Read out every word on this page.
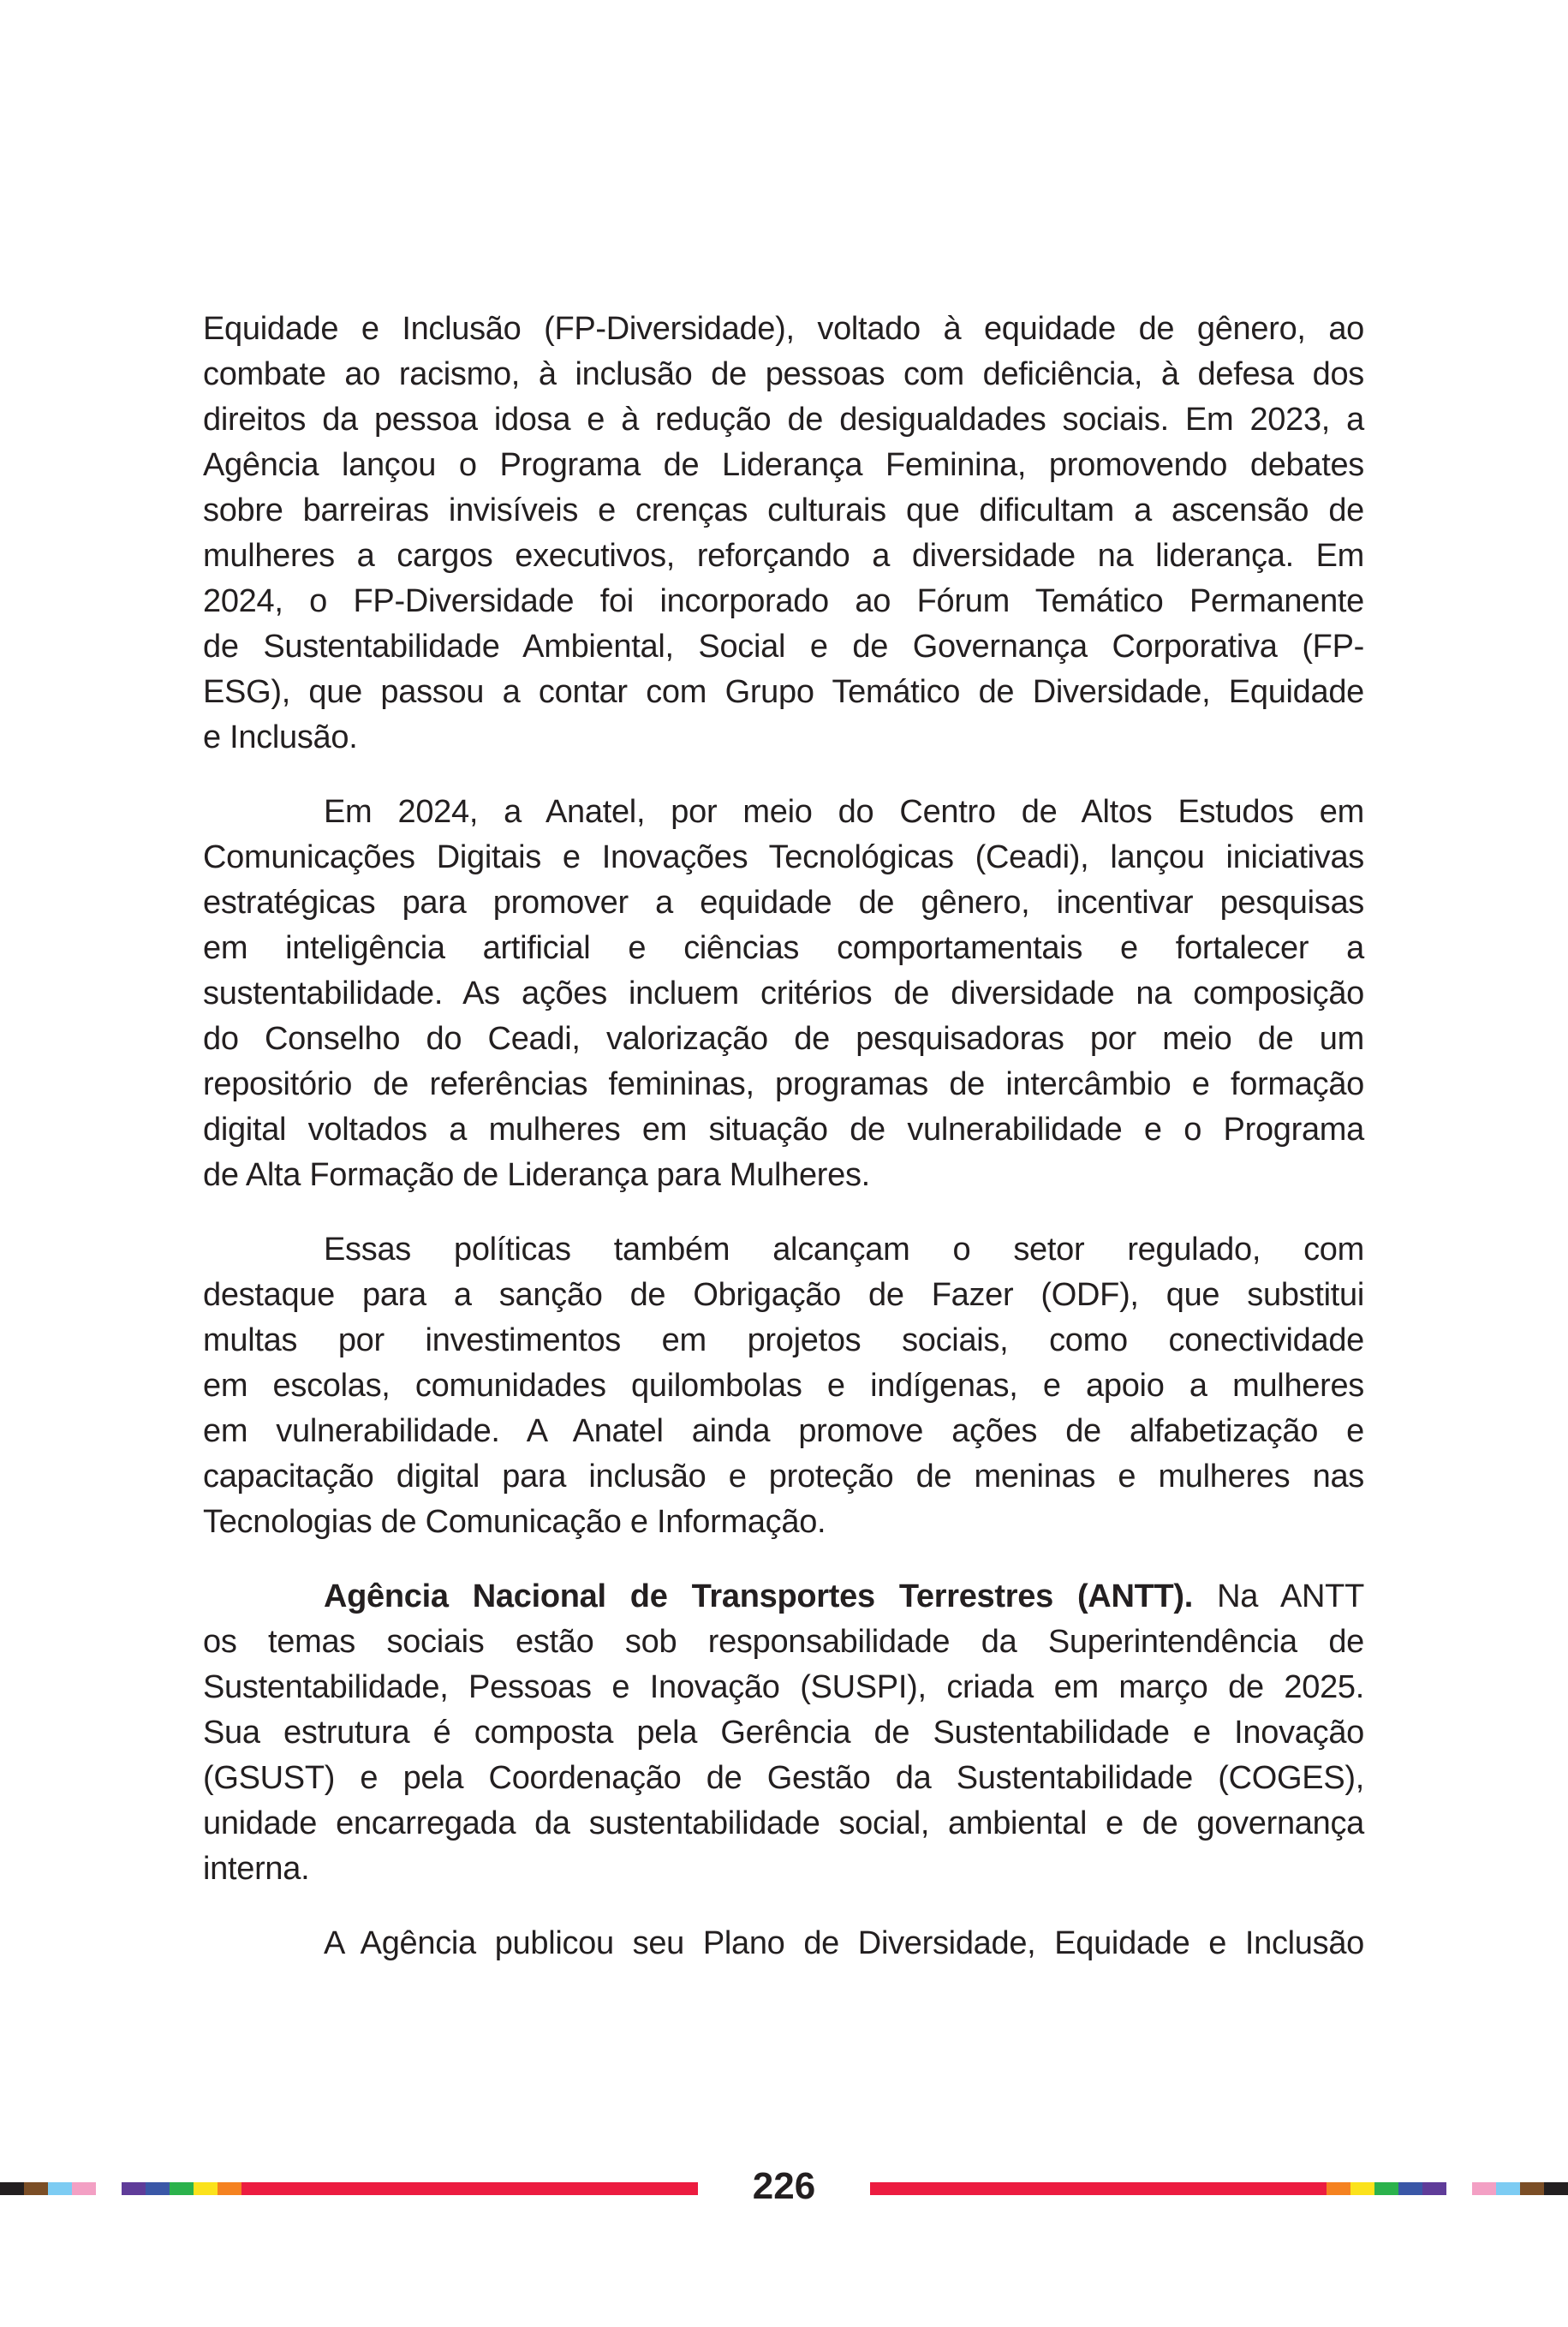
Equidade e Inclusão (FP-Diversidade), voltado à equidade de gênero, ao
combate ao racismo, à inclusão de pessoas com deficiência, à defesa dos
direitos da pessoa idosa e à redução de desigualdades sociais. Em 2023, a
Agência lançou o Programa de Liderança Feminina, promovendo debates
sobre barreiras invisíveis e crenças culturais que dificultam a ascensão de
mulheres a cargos executivos, reforçando a diversidade na liderança. Em
2024, o FP-Diversidade foi incorporado ao Fórum Temático Permanente
de Sustentabilidade Ambiental, Social e de Governança Corporativa (FP-
ESG), que passou a contar com Grupo Temático de Diversidade, Equidade
e Inclusão.
Em 2024, a Anatel, por meio do Centro de Altos Estudos em
Comunicações Digitais e Inovações Tecnológicas (Ceadi), lançou iniciativas
estratégicas para promover a equidade de gênero, incentivar pesquisas
em inteligência artificial e ciências comportamentais e fortalecer a
sustentabilidade. As ações incluem critérios de diversidade na composição
do Conselho do Ceadi, valorização de pesquisadoras por meio de um
repositório de referências femininas, programas de intercâmbio e formação
digital voltados a mulheres em situação de vulnerabilidade e o Programa
de Alta Formação de Liderança para Mulheres.
Essas políticas também alcançam o setor regulado, com
destaque para a sanção de Obrigação de Fazer (ODF), que substitui
multas por investimentos em projetos sociais, como conectividade
em escolas, comunidades quilombolas e indígenas, e apoio a mulheres
em vulnerabilidade. A Anatel ainda promove ações de alfabetização e
capacitação digital para inclusão e proteção de meninas e mulheres nas
Tecnologias de Comunicação e Informação.
Agência Nacional de Transportes Terrestres (ANTT). Na ANTT
os temas sociais estão sob responsabilidade da Superintendência de
Sustentabilidade, Pessoas e Inovação (SUSPI), criada em março de 2025.
Sua estrutura é composta pela Gerência de Sustentabilidade e Inovação
(GSUST) e pela Coordenação de Gestão da Sustentabilidade (COGES),
unidade encarregada da sustentabilidade social, ambiental e de governança
interna.
A Agência publicou seu Plano de Diversidade, Equidade e Inclusão
226
